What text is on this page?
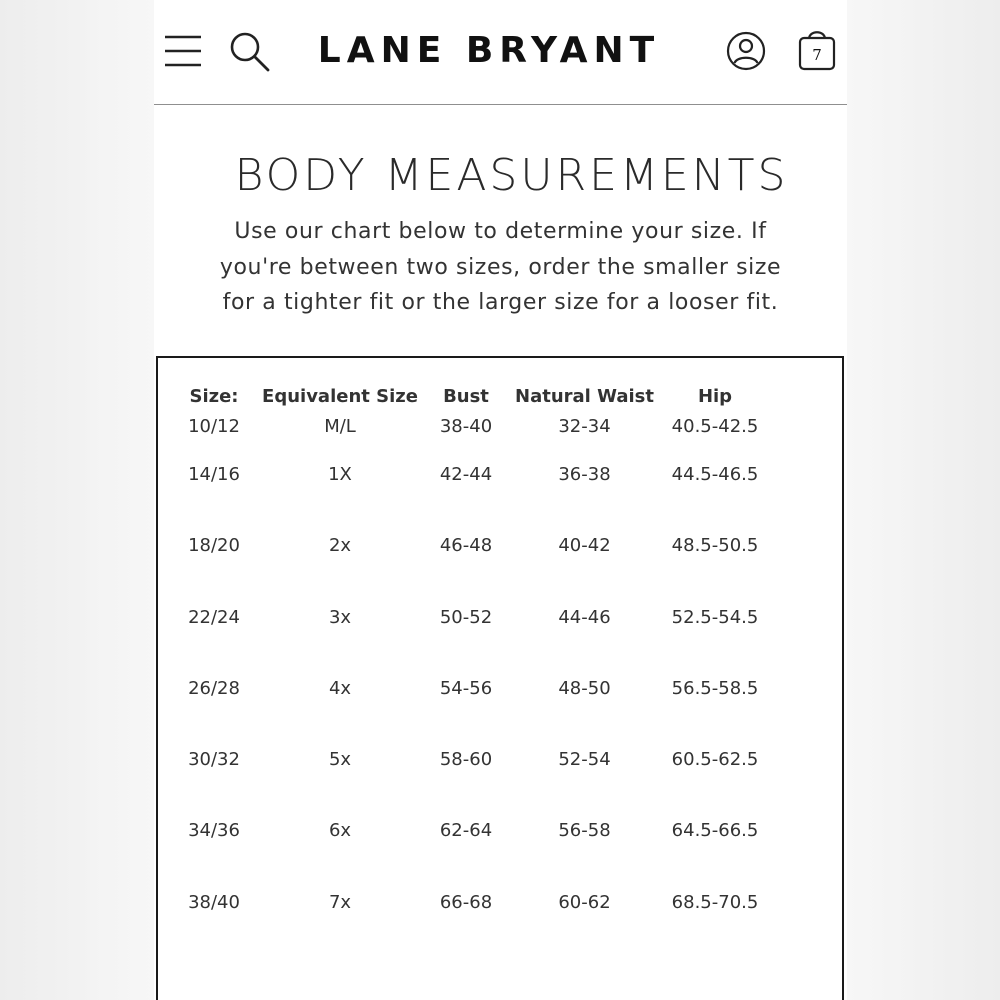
LANE BRYANT	7
BODY MEASUREMENTS
Use our chart below to determine your size. If
you're between two sizes, order the smaller size
for a tighter fit or the larger size for a looser fit.
Size:	Equivalent Size	Bust	Natural Waist	Hip
10/12	M/L	38-40	32-34	40.5-42.5
14/16	1X	42-44	36-38	44.5-46.5
18/20	2x	46-48	40-42	48.5-50.5
22/24	3x	50-52	44-46	52.5-54.5
26/28	4x	54-56	48-50	56.5-58.5
30/32	5x	58-60	52-54	60.5-62.5
34/36	6x	62-64	56-58	64.5-66.5
38/40	7x	66-68	60-62	68.5-70.5
